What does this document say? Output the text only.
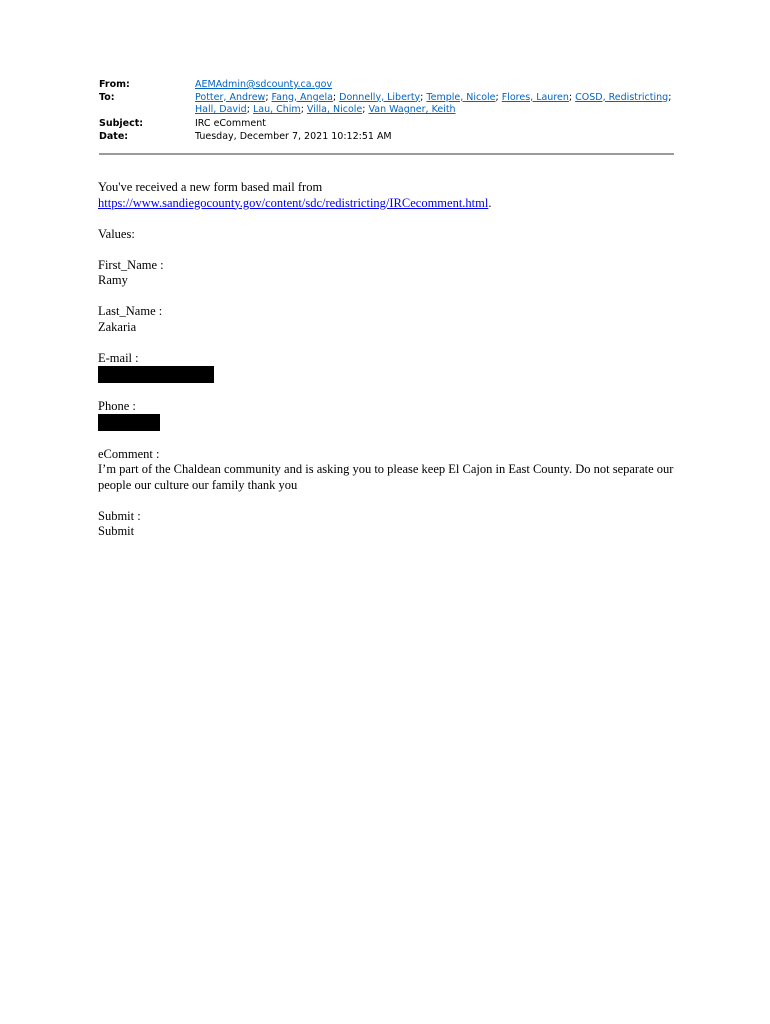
From:	AEMAdmin@sdcounty.ca.gov
To:	Potter, Andrew; Fang, Angela; Donnelly, Liberty; Temple, Nicole; Flores, Lauren; COSD, Redistricting; Hall, David; Lau, Chim; Villa, Nicole; Van Wagner, Keith
Subject:	IRC eComment
Date:	Tuesday, December 7, 2021 10:12:51 AM

You've received a new form based mail from

https://www.sandiegocounty.gov/content/sdc/redistricting/IRCecomment.html.

Values:

First_Name :

Ramy

Last_Name :

Zakaria

E-mail :

Phone :

eComment :

I’m part of the Chaldean community and is asking you to please keep El Cajon in East County. Do not separate our people our culture our family thank you

Submit :

Submit
